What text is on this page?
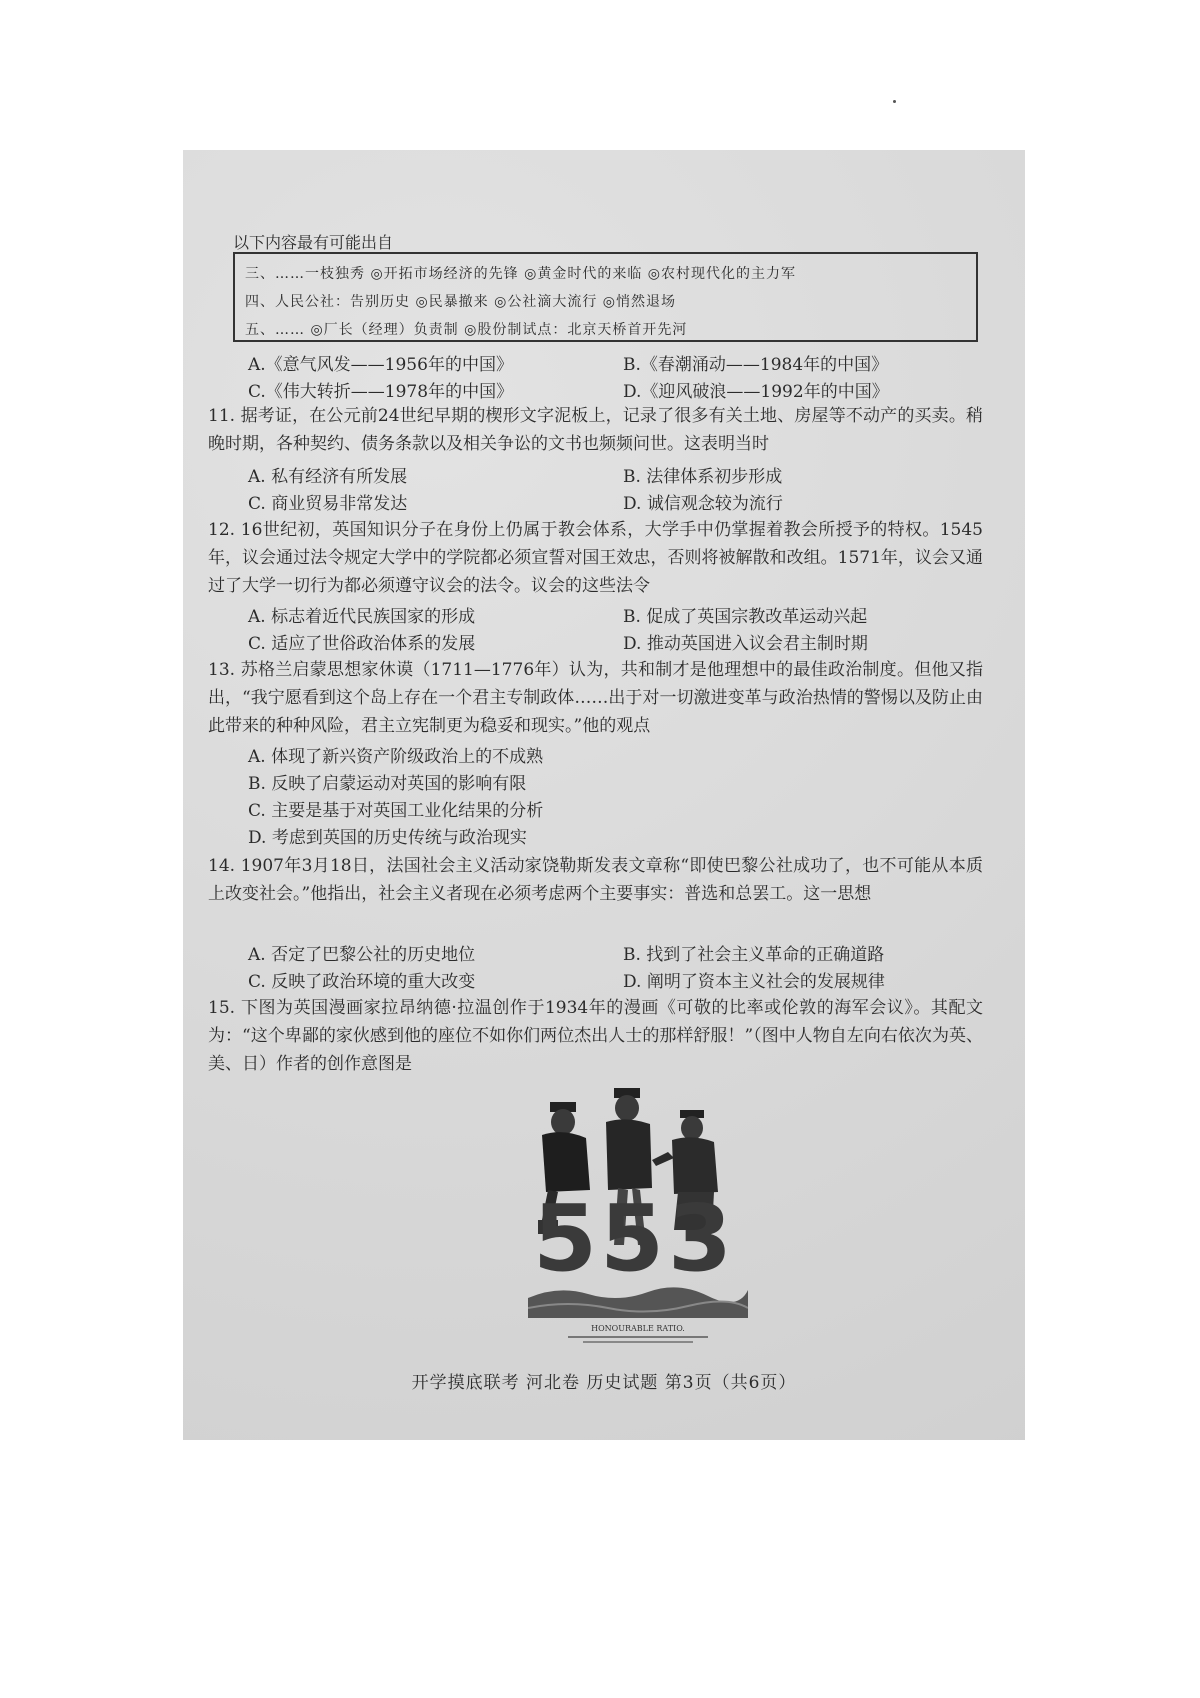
以下内容最有可能出自
三、……一枝独秀 ◎开拓市场经济的先锋 ◎黄金时代的来临 ◎农村现代化的主力军
四、人民公社：告别历史 ◎民暴撤来 ◎公社滴大流行 ◎悄然退场
五、…… ◎厂长（经理）负责制 ◎股份制试点：北京天桥首开先河
A.《意气风发——1956年的中国》	B.《春潮涌动——1984年的中国》
C.《伟大转折——1978年的中国》	D.《迎风破浪——1992年的中国》
11. 据考证，在公元前24世纪早期的楔形文字泥板上，记录了很多有关土地、房屋等不动产的买卖。稍晚时期，各种契约、债务条款以及相关争讼的文书也频频问世。这表明当时
A. 私有经济有所发展	B. 法律体系初步形成
C. 商业贸易非常发达	D. 诚信观念较为流行
12. 16世纪初，英国知识分子在身份上仍属于教会体系，大学手中仍掌握着教会所授予的特权。1545年，议会通过法令规定大学中的学院都必须宣誓对国王效忠，否则将被解散和改组。1571年，议会又通过了大学一切行为都必须遵守议会的法令。议会的这些法令
A. 标志着近代民族国家的形成	B. 促成了英国宗教改革运动兴起
C. 适应了世俗政治体系的发展	D. 推动英国进入议会君主制时期
13. 苏格兰启蒙思想家休谟（1711—1776年）认为，共和制才是他理想中的最佳政治制度。但他又指出，“我宁愿看到这个岛上存在一个君主专制政体……出于对一切激进变革与政治热情的警惕以及防止由此带来的种种风险，君主立宪制更为稳妥和现实。”他的观点
A. 体现了新兴资产阶级政治上的不成熟
B. 反映了启蒙运动对英国的影响有限
C. 主要是基于对英国工业化结果的分析
D. 考虑到英国的历史传统与政治现实
14. 1907年3月18日，法国社会主义活动家饶勒斯发表文章称“即使巴黎公社成功了，也不可能从本质上改变社会。”他指出，社会主义者现在必须考虑两个主要事实：普选和总罢工。这一思想
A. 否定了巴黎公社的历史地位	B. 找到了社会主义革命的正确道路
C. 反映了政治环境的重大改变	D. 阐明了资本主义社会的发展规律
15. 下图为英国漫画家拉昂纳德·拉温创作于1934年的漫画《可敬的比率或伦敦的海军会议》。其配文为：“这个卑鄙的家伙感到他的座位不如你们两位杰出人士的那样舒服！”（图中人物自左向右依次为英、美、日）作者的创作意图是
5 5 3
HONOURABLE RATIO.
开学摸底联考 河北卷 历史试题 第3页（共6页）
